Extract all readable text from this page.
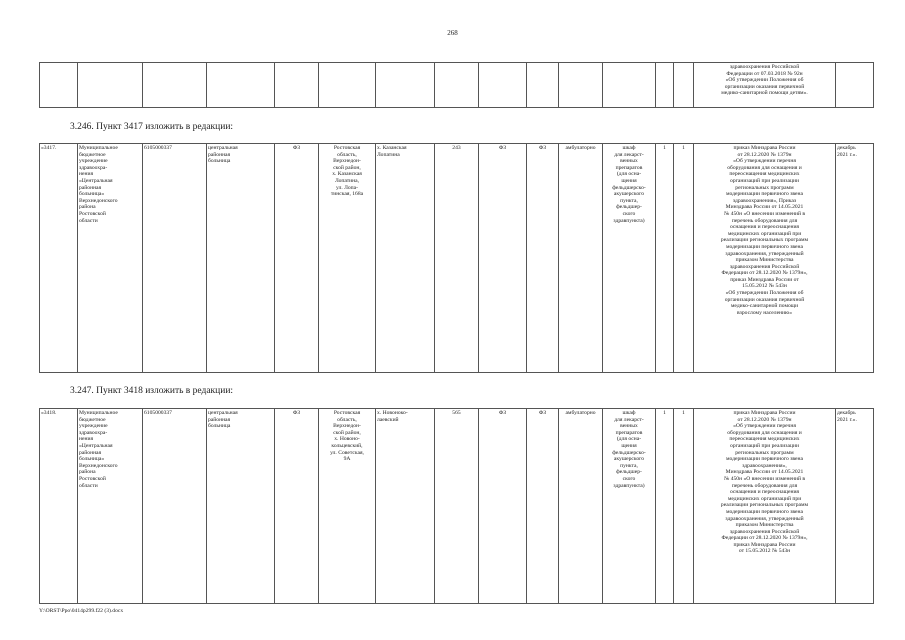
268

здравоохранения Российской
Федерации от 07.03.2018 № 92н
«Об утверждении Положения об
организации оказания первичной
медико-санитарной помощи детям».

3.246. Пункт 3417 изложить в редакции:
«3417.	Муниципальное
бюджетное
учреждение
здравоохра-
нения
«Центральная
районная
больница»
Верхнедонского
района
Ростовской
области	6105000337	центральная
районная
больница	ФЗ	Ростовская
область,
Верхнедон-
ской район,
х. Казанская
Лопатина,
ул. Лопа-
тинская, 168а	х. Казанская
Лопатина	243	ФЗ	ФЗ	амбулаторно	шкаф
для лекарст-
венных
препаратов
(для осна-
щения
фельдшерско-
акушерского
пункта,
фельдшер-
ского
здравпункта)	1	1	приказ Минздрава России
от 28.12.2020 № 1379н
«Об утверждении перечня
оборудования для оснащения и
переоснащения медицинских
организаций при реализации
региональных программ
модернизации первичного звена
здравоохранения», Приказ
Минздрава России от 14.05.2021
№ 450н «О внесении изменений в
перечень оборудования для
оснащения и переоснащения
медицинских организаций при
реализации региональных программ
модернизации первичного звена
здравоохранения, утвержденный
приказом Министерства
здравоохранения Российской
Федерации от 28.12.2020 № 1379н»,
приказ Минздрава России от
15.05.2012 № 543н
«Об утверждении Положения об
организации оказания первичной
медико-санитарной помощи
взрослому населению»	декабрь
2021 г.».
3.247. Пункт 3418 изложить в редакции:
«3418.	Муниципальное
бюджетное
учреждение
здравоохра-
нения
«Центральная
районная
больница»
Верхнедонского
района
Ростовской
области	6105000337	центральная
районная
больница	ФЗ	Ростовская
область,
Верхнедон-
ской район,
х. Новоно-
кольцевский,
ул. Советская,
9А	х. Новоноко-
лаевский	565	ФЗ	ФЗ	амбулаторно	шкаф
для лекарст-
венных
препаратов
(для осна-
щения
фельдшерско-
акушерского
пункта,
фельдшер-
ского
здравпункта)	1	1	приказ Минздрава России
от 28.12.2020 № 1379н
«Об утверждении перечня
оборудования для оснащения и
переоснащения медицинских
организаций при реализации
региональных программ
модернизации первичного звена
здравоохранения»,
Минздрава России от 14.05.2021
№ 450н «О внесении изменений в
перечень оборудования для
оснащения и переоснащения
медицинских организаций при
реализации региональных программ
модернизации первичного звена
здравоохранения, утвержденный
приказом Министерства
здравоохранения Российской
Федерации от 28.12.2020 № 1379н»,
приказ Минздрава России
от 15.05.2012 № 543н	декабрь
2021 г.».
Y:\ORST\Ppo\0414p299.f22 (3).docx
